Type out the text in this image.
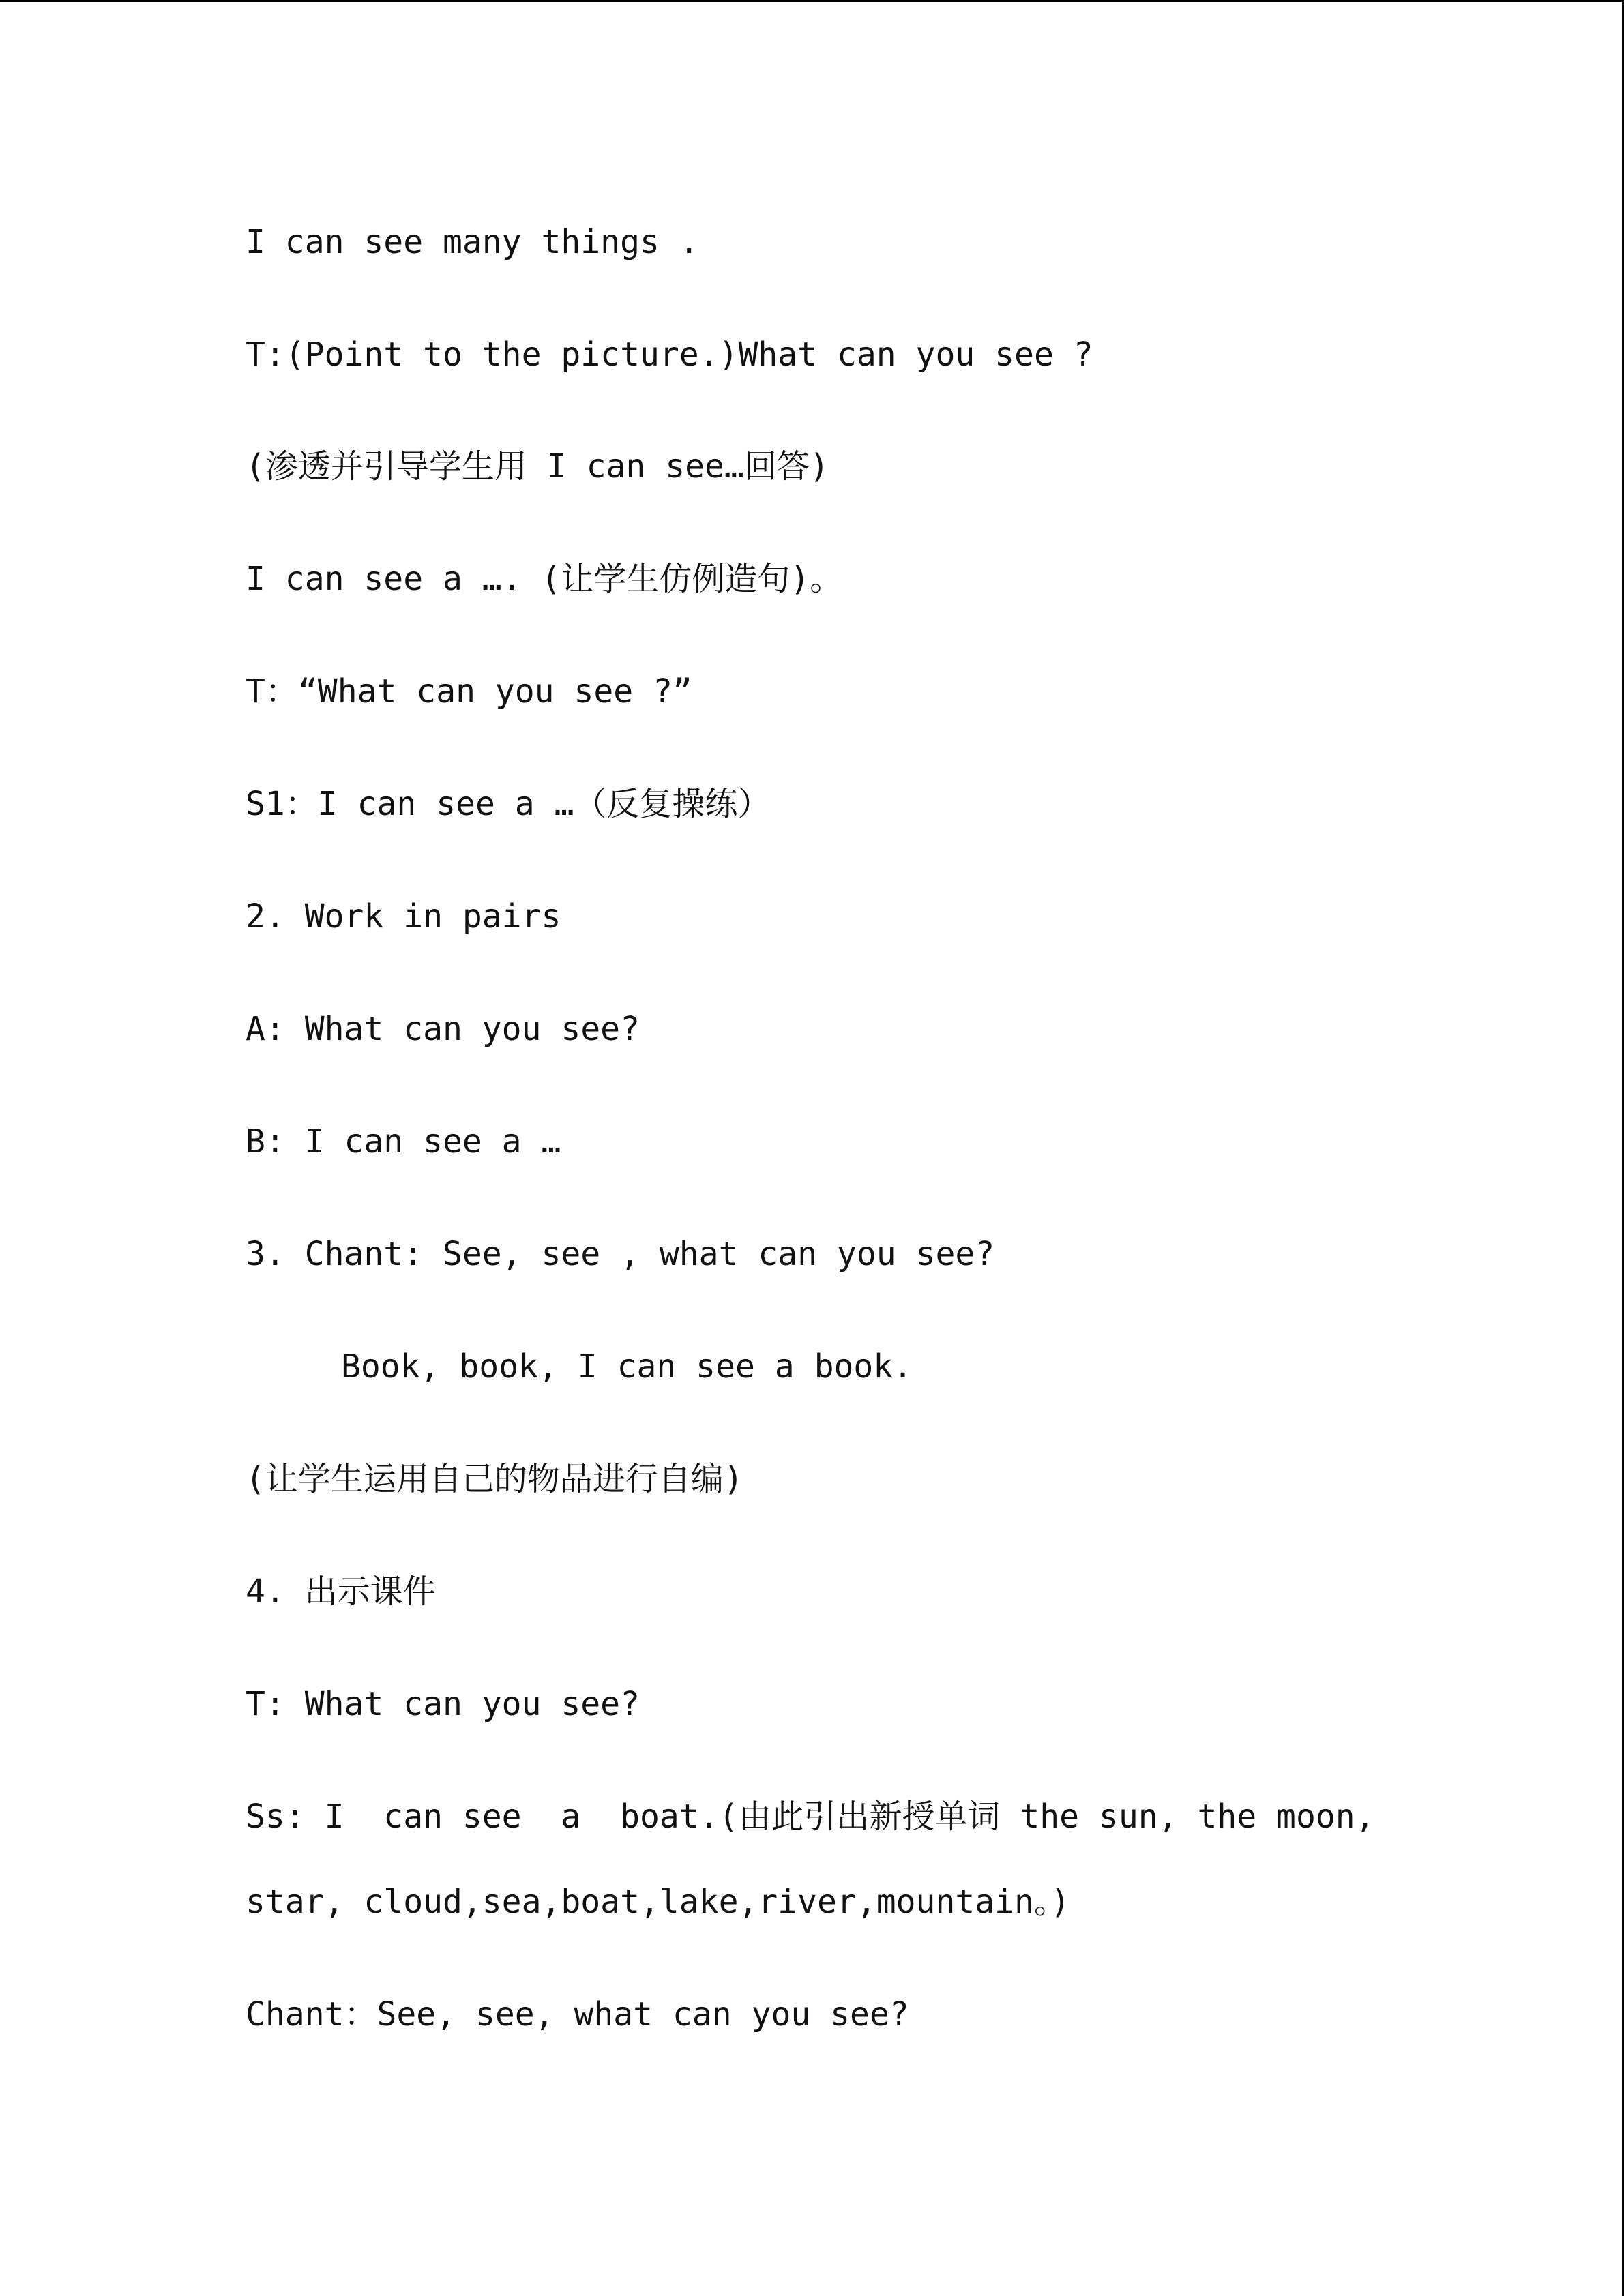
I can see many things .

T:(Point to the picture.)What can you see ?

(渗透并引导学生用 I can see…回答)

I can see a …. (让学生仿例造句)。

T：“What can you see ?”

S1：I can see a …（反复操练）

2. Work in pairs

A: What can you see?

B: I can see a …

3. Chant: See, see , what can you see?

Book, book, I can see a book.

(让学生运用自己的物品进行自编)

4. 出示课件

T: What can you see?

Ss: I  can see  a  boat.(由此引出新授单词 the sun, the moon,

star, cloud,sea,boat,lake,river,mountain。)

Chant：See, see, what can you see?
